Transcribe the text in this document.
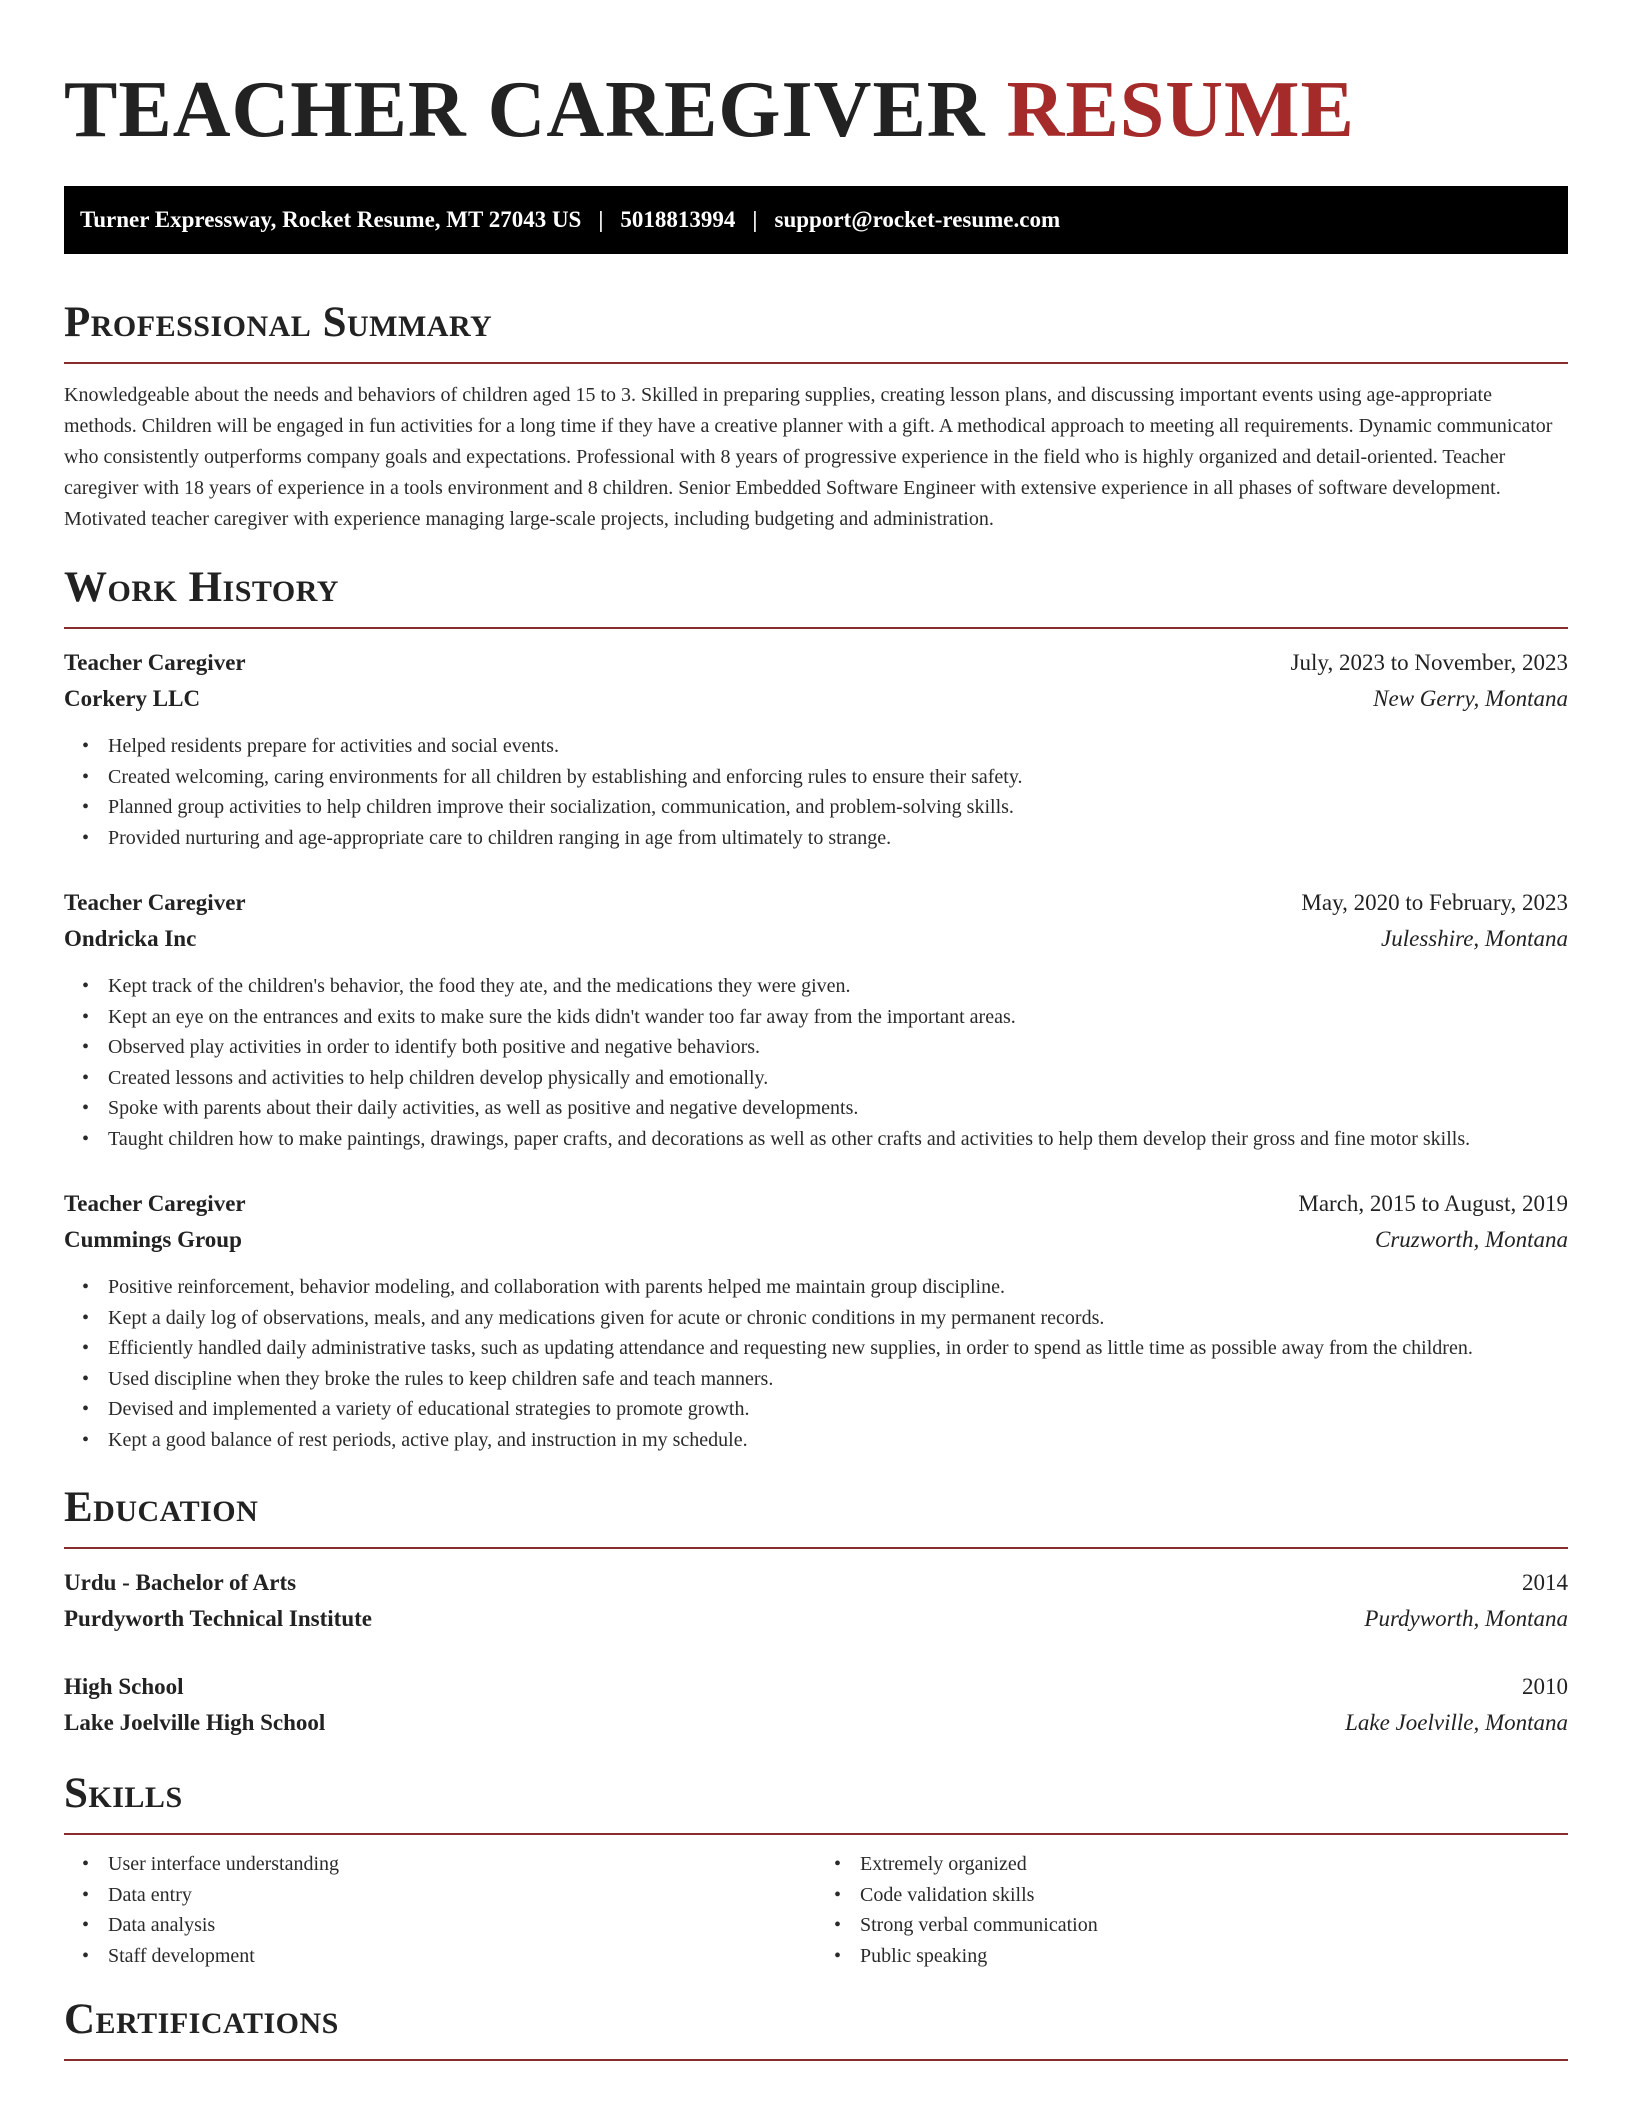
TEACHER CAREGIVER RESUME
Turner Expressway, Rocket Resume, MT 27043 US | 5018813994 | support@rocket-resume.com
Professional Summary

Knowledgeable about the needs and behaviors of children aged 15 to 3. Skilled in preparing supplies, creating lesson plans, and discussing important events using age-appropriate methods. Children will be engaged in fun activities for a long time if they have a creative planner with a gift. A methodical approach to meeting all requirements. Dynamic communicator who consistently outperforms company goals and expectations. Professional with 8 years of progressive experience in the field who is highly organized and detail-oriented. Teacher caregiver with 18 years of experience in a tools environment and 8 children. Senior Embedded Software Engineer with extensive experience in all phases of software development. Motivated teacher caregiver with experience managing large-scale projects, including budgeting and administration.

Work History
Teacher Caregiver	July, 2023 to November, 2023
Corkery LLC	New Gerry, Montana
• Helped residents prepare for activities and social events.
• Created welcoming, caring environments for all children by establishing and enforcing rules to ensure their safety.
• Planned group activities to help children improve their socialization, communication, and problem-solving skills.
• Provided nurturing and age-appropriate care to children ranging in age from ultimately to strange.
Teacher Caregiver	May, 2020 to February, 2023
Ondricka Inc	Julesshire, Montana
• Kept track of the children's behavior, the food they ate, and the medications they were given.
• Kept an eye on the entrances and exits to make sure the kids didn't wander too far away from the important areas.
• Observed play activities in order to identify both positive and negative behaviors.
• Created lessons and activities to help children develop physically and emotionally.
• Spoke with parents about their daily activities, as well as positive and negative developments.
• Taught children how to make paintings, drawings, paper crafts, and decorations as well as other crafts and activities to help them develop their gross and fine motor skills.
Teacher Caregiver	March, 2015 to August, 2019
Cummings Group	Cruzworth, Montana
• Positive reinforcement, behavior modeling, and collaboration with parents helped me maintain group discipline.
• Kept a daily log of observations, meals, and any medications given for acute or chronic conditions in my permanent records.
• Efficiently handled daily administrative tasks, such as updating attendance and requesting new supplies, in order to spend as little time as possible away from the children.
• Used discipline when they broke the rules to keep children safe and teach manners.
• Devised and implemented a variety of educational strategies to promote growth.
• Kept a good balance of rest periods, active play, and instruction in my schedule.
Education
Urdu - Bachelor of Arts	2014
Purdyworth Technical Institute	Purdyworth, Montana
High School	2010
Lake Joelville High School	Lake Joelville, Montana
Skills
• User interface understanding
• Data entry
• Data analysis
• Staff development
• Extremely organized
• Code validation skills
• Strong verbal communication
• Public speaking
Certifications
